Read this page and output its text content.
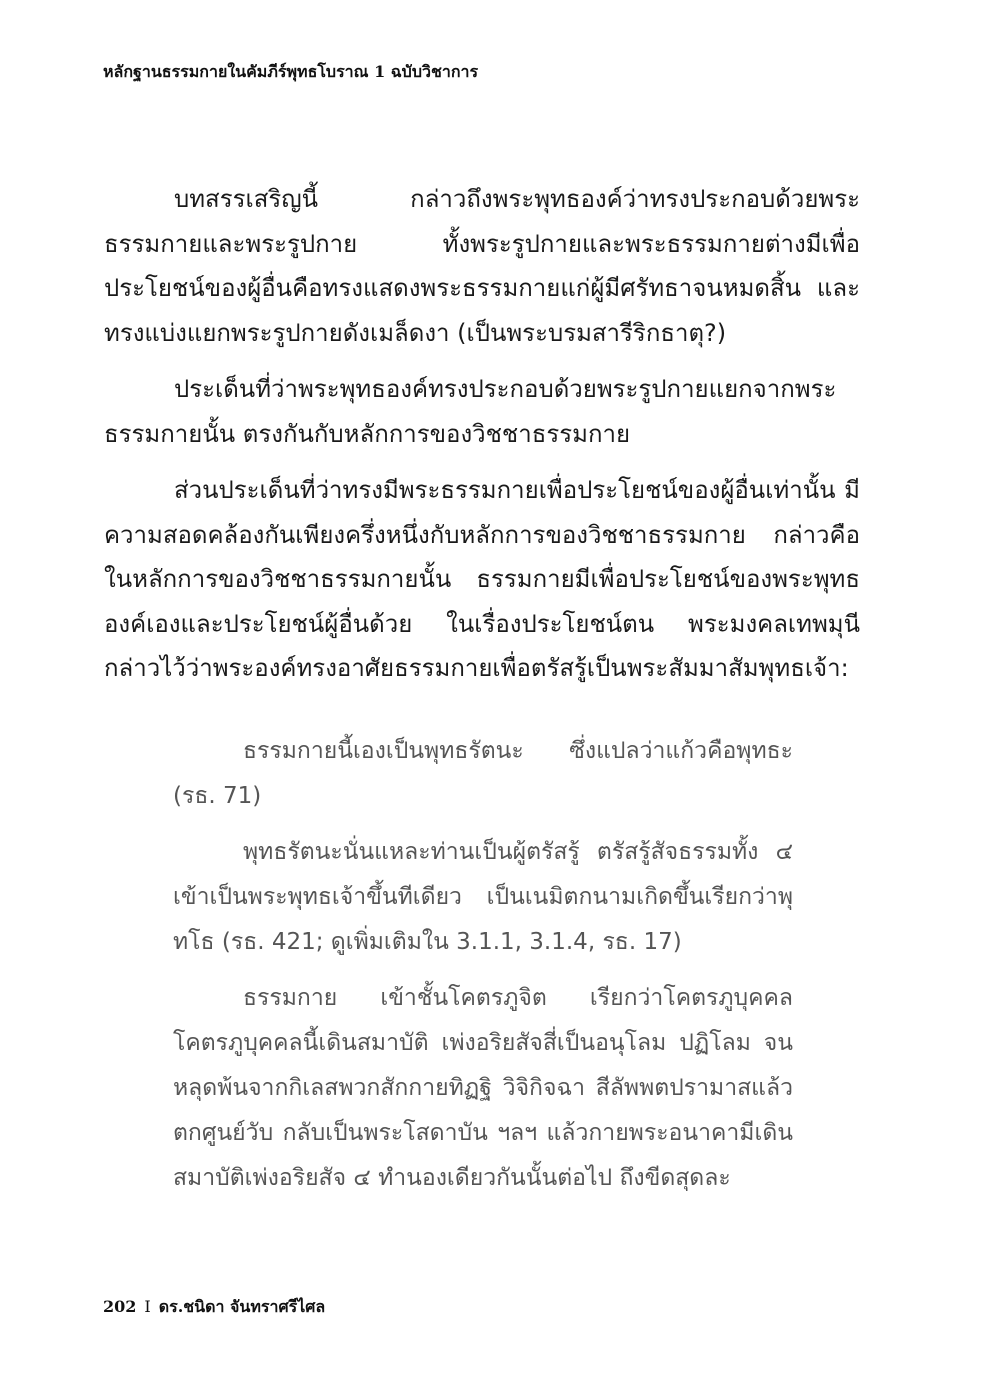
หลักฐานธรรมกายในคัมภีร์พุทธโบราณ 1 ฉบับวิชาการ

บทสรรเสริญนี้ กล่าวถึงพระพุทธองค์ว่าทรงประกอบด้วยพระธรรมกายและพระรูปกาย ทั้งพระรูปกายและพระธรรมกายต่างมีเพื่อประโยชน์ของผู้อื่นคือทรงแสดงพระธรรมกายแก่ผู้มีศรัทธาจนหมดสิ้น และทรงแบ่งแยกพระรูปกายดังเมล็ดงา (เป็นพระบรมสารีริกธาตุ?)

ประเด็นที่ว่าพระพุทธองค์ทรงประกอบด้วยพระรูปกายแยกจากพระธรรมกายนั้น ตรงกันกับหลักการของวิชชาธรรมกาย

ส่วนประเด็นที่ว่าทรงมีพระธรรมกายเพื่อประโยชน์ของผู้อื่นเท่านั้น มีความสอดคล้องกันเพียงครึ่งหนึ่งกับหลักการของวิชชาธรรมกาย กล่าวคือ ในหลักการของวิชชาธรรมกายนั้น ธรรมกายมีเพื่อประโยชน์ของพระพุทธองค์เองและประโยชน์ผู้อื่นด้วย ในเรื่องประโยชน์ตน พระมงคลเทพมุนีกล่าวไว้ว่าพระองค์ทรงอาศัยธรรมกายเพื่อตรัสรู้เป็นพระสัมมาสัมพุทธเจ้า:

ธรรมกายนี้เองเป็นพุทธรัตนะ ซึ่งแปลว่าแก้วคือพุทธะ (รธ. 71)

พุทธรัตนะนั่นแหละท่านเป็นผู้ตรัสรู้ ตรัสรู้สัจธรรมทั้ง ๔ เข้าเป็นพระพุทธเจ้าขึ้นทีเดียว เป็นเนมิตกนามเกิดขึ้นเรียกว่าพุทโธ (รธ. 421; ดูเพิ่มเติมใน 3.1.1, 3.1.4, รธ. 17)

ธรรมกาย เข้าชั้นโคตรภูจิต เรียกว่าโคตรภูบุคคล โคตรภูบุคคลนี้เดินสมาบัติ เพ่งอริยสัจสี่เป็นอนุโลม ปฏิโลม จนหลุดพ้นจากกิเลสพวกสักกายทิฏฐิ วิจิกิจฉา สีลัพพตปรามาสแล้วตกศูนย์วับ กลับเป็นพระโสดาบัน ฯลฯ แล้วกายพระอนาคามีเดินสมาบัติเพ่งอริยสัจ ๔ ทำนองเดียวกันนั้นต่อไป ถึงขีดสุดละ

202 I ดร.ชนิดา จันทราศรีไศล
